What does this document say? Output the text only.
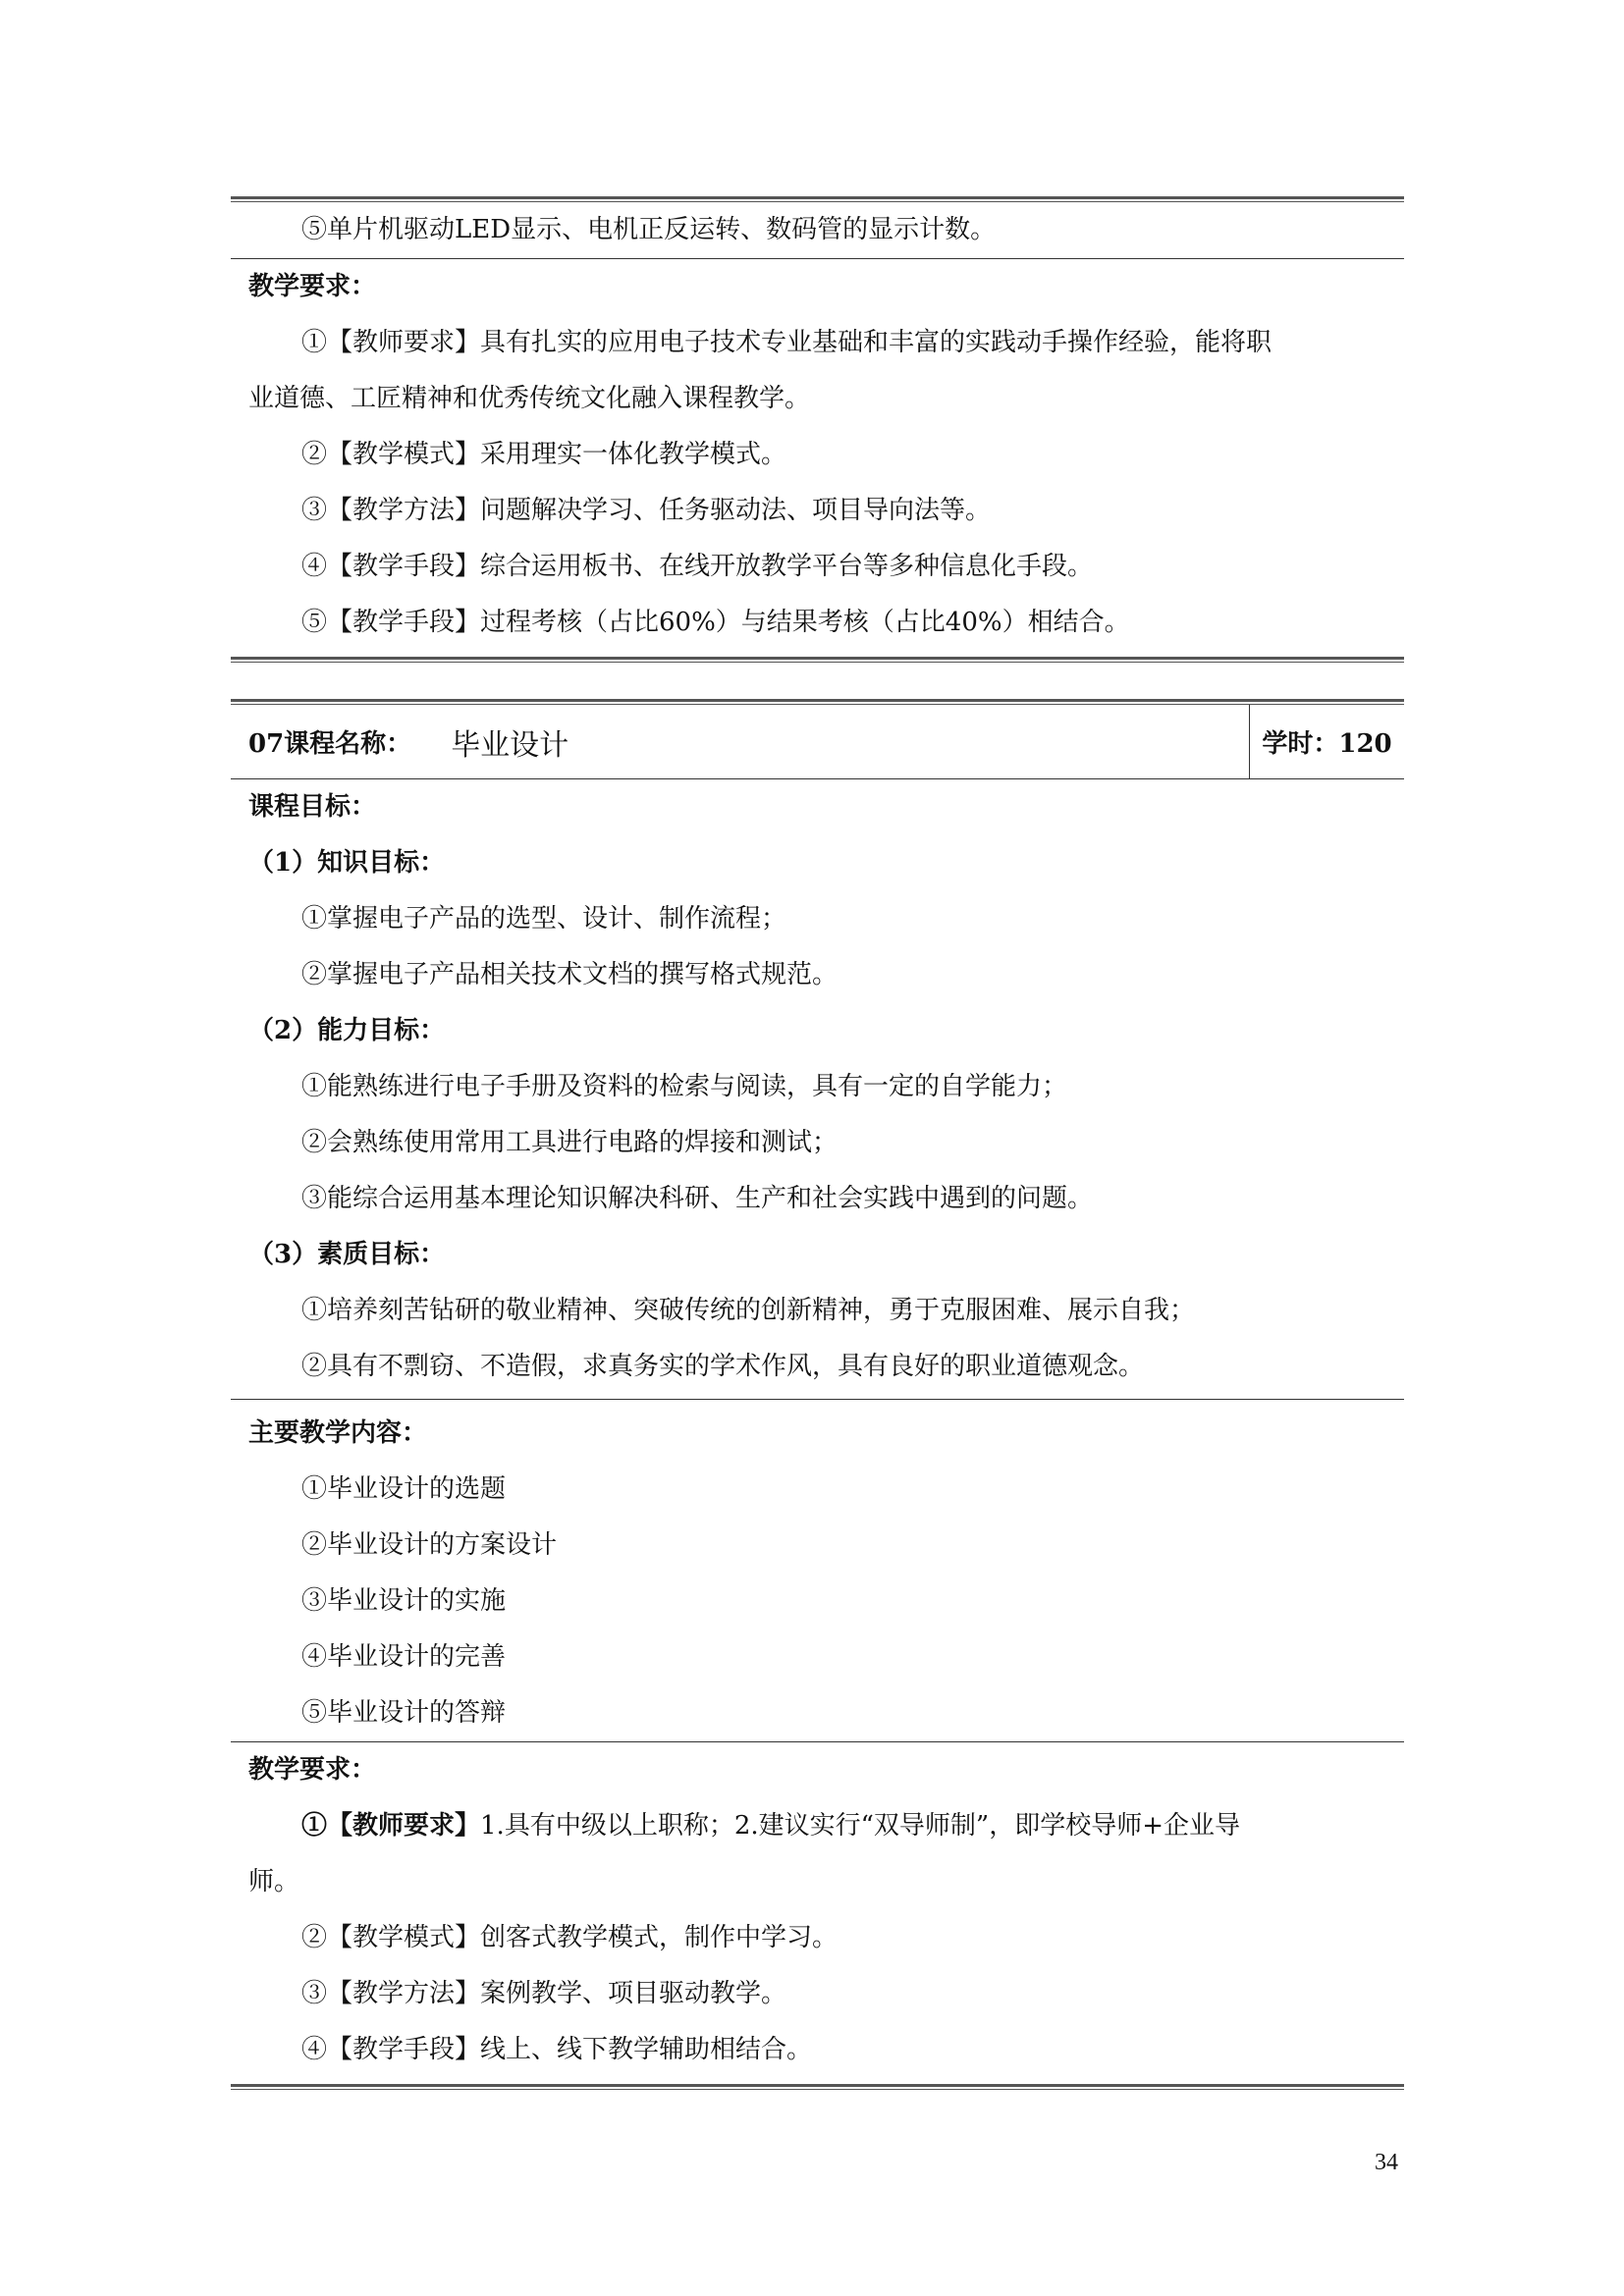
⑤单片机驱动LED显示、电机正反运转、数码管的显示计数。
教学要求：
①【教师要求】具有扎实的应用电子技术专业基础和丰富的实践动手操作经验，能将职
业道德、工匠精神和优秀传统文化融入课程教学。
②【教学模式】采用理实一体化教学模式。
③【教学方法】问题解决学习、任务驱动法、项目导向法等。
④【教学手段】综合运用板书、在线开放教学平台等多种信息化手段。
⑤【教学手段】过程考核（占比60%）与结果考核（占比40%）相结合。
07课程名称： 毕业设计	学时：120
课程目标：
（1）知识目标：
①掌握电子产品的选型、设计、制作流程；
②掌握电子产品相关技术文档的撰写格式规范。
（2）能力目标：
①能熟练进行电子手册及资料的检索与阅读，具有一定的自学能力；
②会熟练使用常用工具进行电路的焊接和测试；
③能综合运用基本理论知识解决科研、生产和社会实践中遇到的问题。
（3）素质目标：
①培养刻苦钻研的敬业精神、突破传统的创新精神，勇于克服困难、展示自我；
②具有不剽窃、不造假，求真务实的学术作风，具有良好的职业道德观念。
主要教学内容：
①毕业设计的选题
②毕业设计的方案设计
③毕业设计的实施
④毕业设计的完善
⑤毕业设计的答辩
教学要求：
①【教师要求】1.具有中级以上职称；2.建议实行“双导师制”，即学校导师+企业导
师。
②【教学模式】创客式教学模式，制作中学习。
③【教学方法】案例教学、项目驱动教学。
④【教学手段】线上、线下教学辅助相结合。
34
